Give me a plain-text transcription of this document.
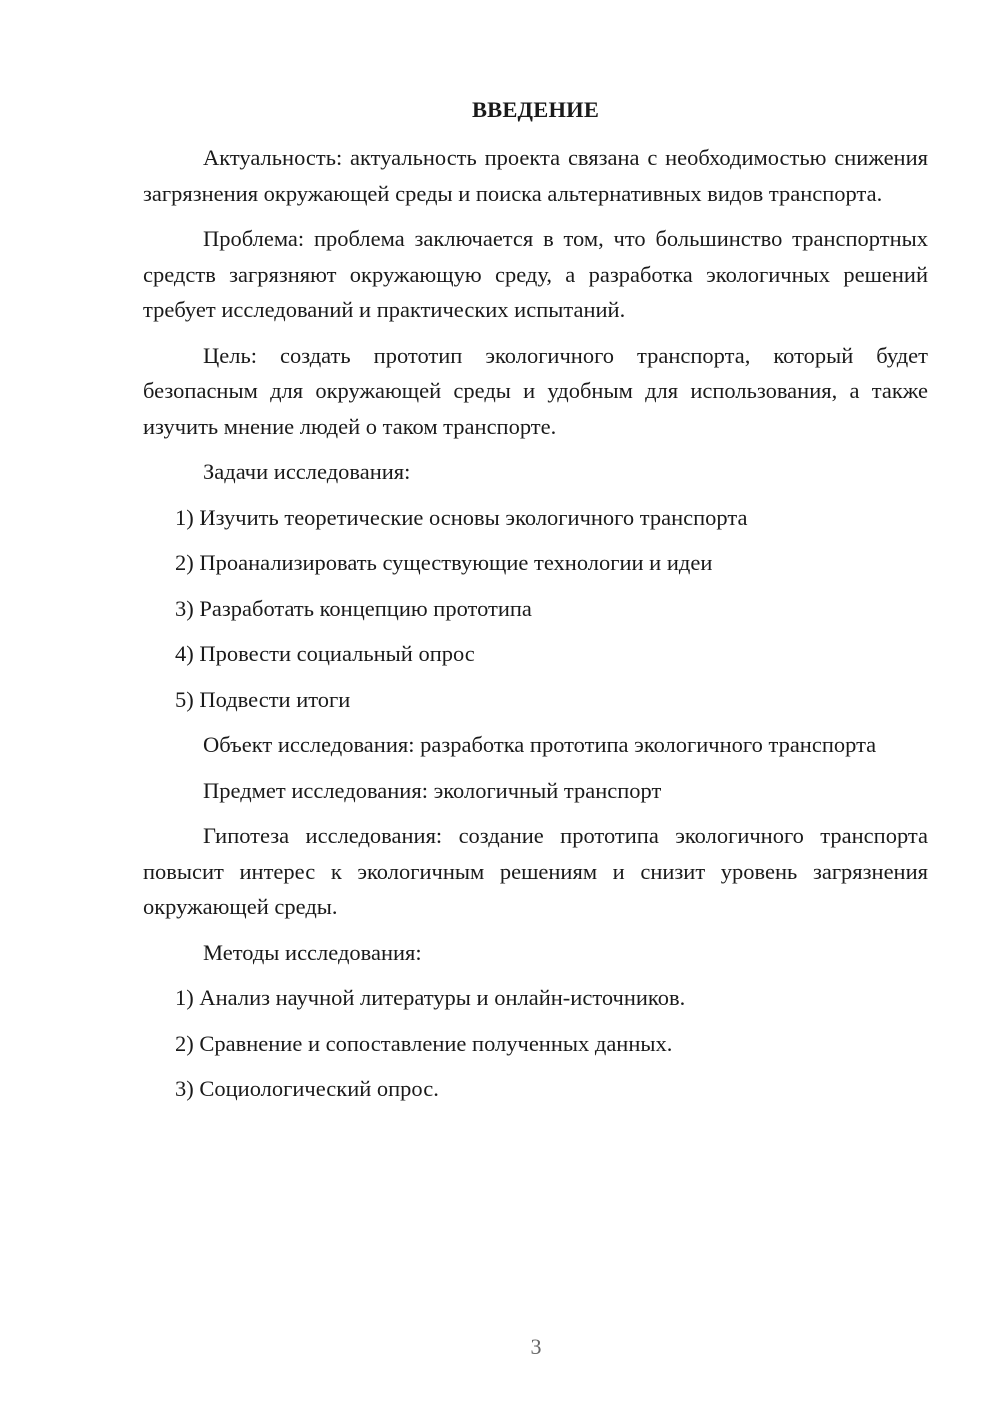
ВВЕДЕНИЕ

Актуальность: актуальность проекта связана с необходимостью снижения загрязнения окружающей среды и поиска альтернативных видов транспорта.

Проблема: проблема заключается в том, что большинство транспортных средств загрязняют окружающую среду, а разработка экологичных решений требует исследований и практических испытаний.

Цель: создать прототип экологичного транспорта, который будет безопасным для окружающей среды и удобным для использования, а также изучить мнение людей о таком транспорте.

Задачи исследования:

1) Изучить теоретические основы экологичного транспорта

2) Проанализировать существующие технологии и идеи

3) Разработать концепцию прототипа

4) Провести социальный опрос

5) Подвести итоги

Объект исследования: разработка прототипа экологичного транспорта

Предмет исследования: экологичный транспорт

Гипотеза исследования: создание прототипа экологичного транспорта повысит интерес к экологичным решениям и снизит уровень загрязнения окружающей среды.

Методы исследования:

1) Анализ научной литературы и онлайн-источников.

2) Сравнение и сопоставление полученных данных.

3) Социологический опрос.

3
